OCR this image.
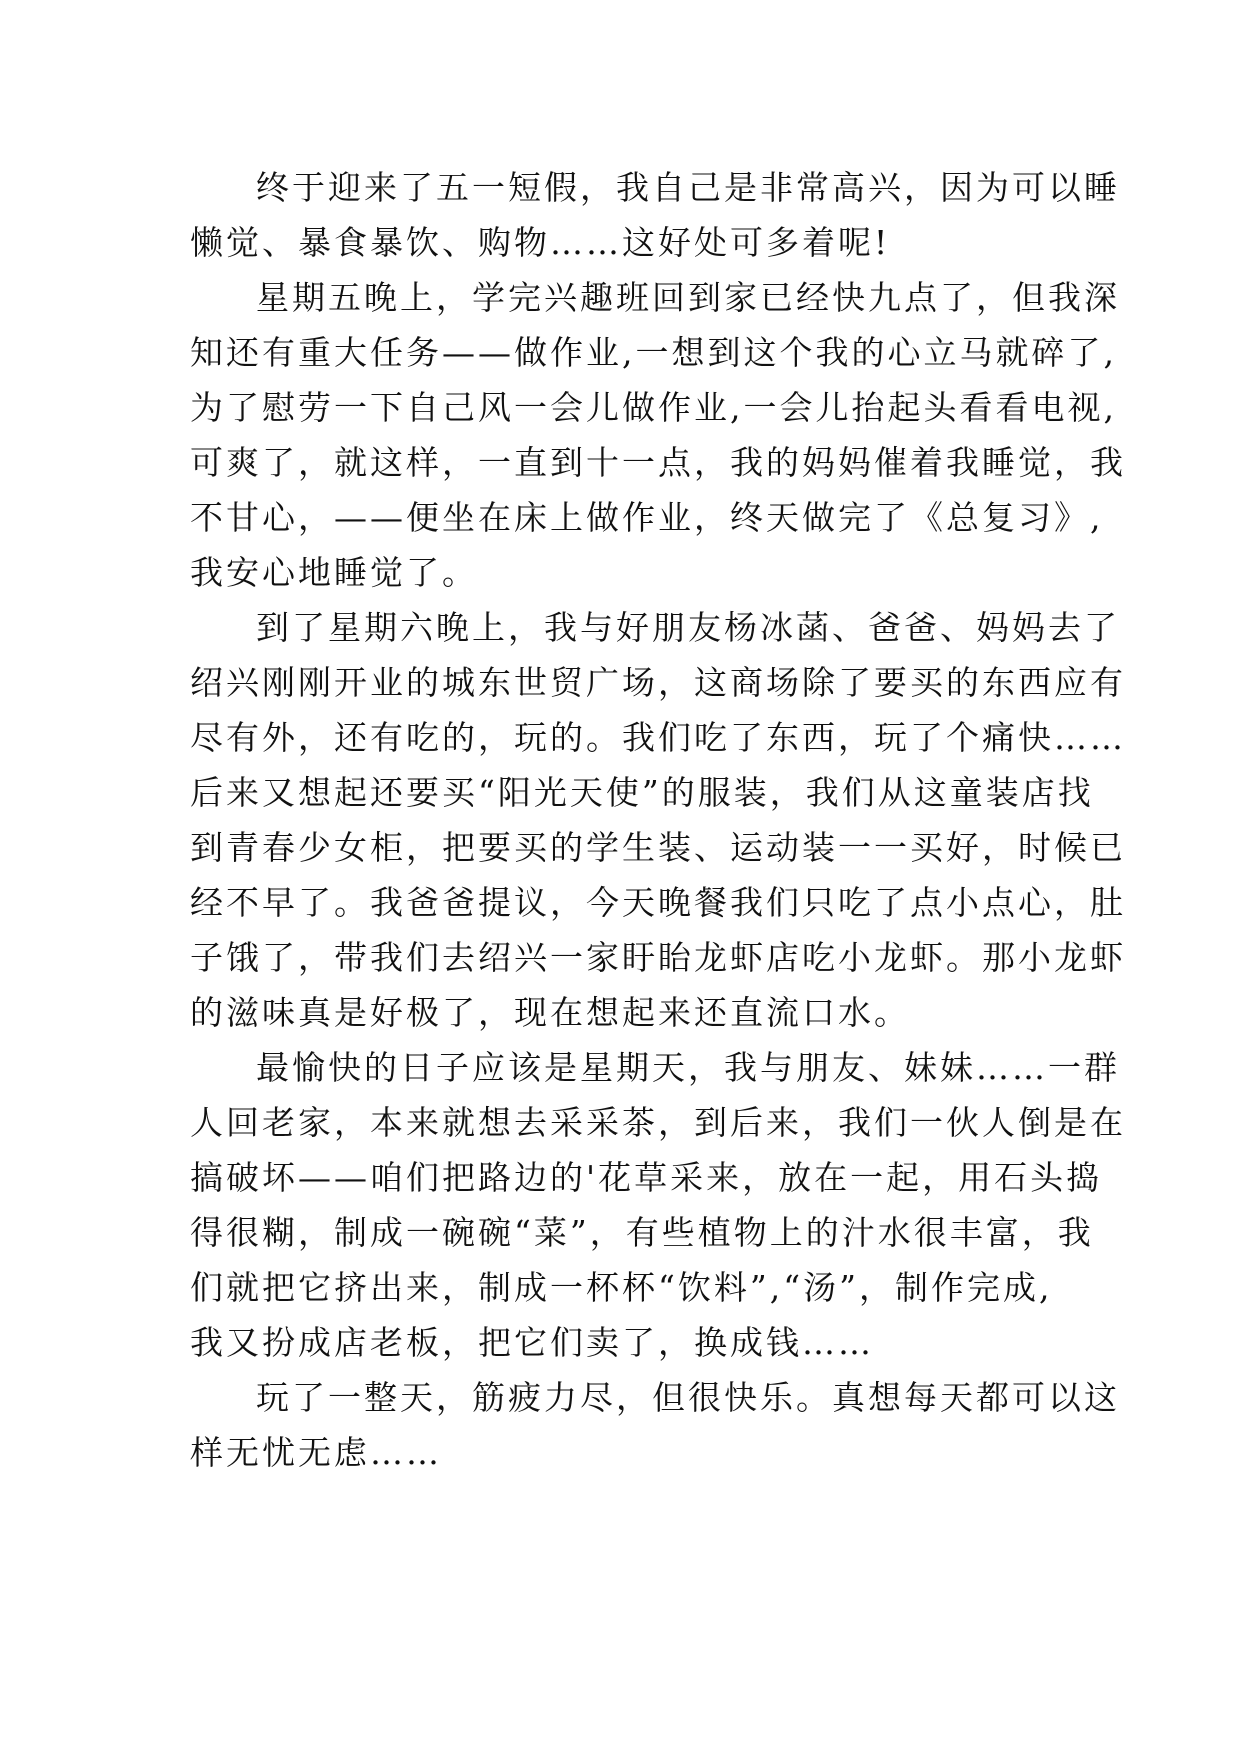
终于迎来了五一短假，我自己是非常高兴，因为可以睡
懒觉、暴食暴饮、购物……这好处可多着呢!

星期五晚上，学完兴趣班回到家已经快九点了，但我深
知还有重大任务——做作业,一想到这个我的心立马就碎了,
为了慰劳一下自己风一会儿做作业,一会儿抬起头看看电视,
可爽了，就这样，一直到十一点，我的妈妈催着我睡觉，我
不甘心，——便坐在床上做作业，终天做完了《总复习》,
我安心地睡觉了。

到了星期六晚上，我与好朋友杨冰菡、爸爸、妈妈去了
绍兴刚刚开业的城东世贸广场，这商场除了要买的东西应有
尽有外，还有吃的，玩的。我们吃了东西，玩了个痛快……
后来又想起还要买“阳光天使”的服装，我们从这童装店找
到青春少女柜，把要买的学生装、运动装一一买好，时候已
经不早了。我爸爸提议，今天晚餐我们只吃了点小点心，肚
子饿了，带我们去绍兴一家盱眙龙虾店吃小龙虾。那小龙虾
的滋味真是好极了，现在想起来还直流口水。

最愉快的日子应该是星期天，我与朋友、妹妹……一群
人回老家，本来就想去采采茶，到后来，我们一伙人倒是在
搞破坏——咱们把路边的'花草采来，放在一起，用石头捣
得很糊，制成一碗碗“菜”，有些植物上的汁水很丰富，我
们就把它挤出来，制成一杯杯“饮料”,“汤”，制作完成,
我又扮成店老板，把它们卖了，换成钱……

玩了一整天，筋疲力尽，但很快乐。真想每天都可以这
样无忧无虑……
